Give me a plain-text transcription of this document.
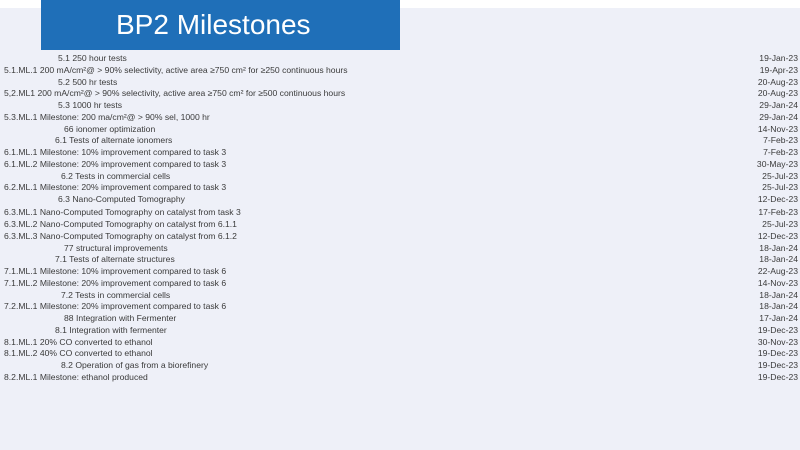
BP2 Milestones
5.1 250 hour tests	19-Jan-23
5.1.ML.1 200 mA/cm²@ > 90% selectivity, active area ≥750 cm² for ≥250 continuous hours	19-Apr-23
5.2 500 hr tests	20-Aug-23
5,2.ML1 200 mA/cm²@ > 90% selectivity, active area ≥750 cm² for ≥500 continuous hours	20-Aug-23
5.3 1000 hr tests	29-Jan-24
5.3.ML.1 Milestone: 200 ma/cm²@ > 90% sel, 1000 hr	29-Jan-24
66 ionomer optimization	14-Nov-23
6.1 Tests of alternate ionomers	7-Feb-23
6.1.ML.1 Milestone: 10% improvement compared to task 3	7-Feb-23
6.1.ML.2 Milestone: 20% improvement compared to task 3	30-May-23
6.2 Tests in commercial cells	25-Jul-23
6.2.ML.1 Milestone: 20% improvement compared to task 3	25-Jul-23
6.3 Nano-Computed Tomography	12-Dec-23
6.3.ML.1 Nano-Computed Tomography on catalyst from task 3	17-Feb-23
6.3.ML.2 Nano-Computed Tomography on catalyst from 6.1.1	25-Jul-23
6.3.ML.3 Nano-Computed Tomography on catalyst from 6.1.2	12-Dec-23
77 structural improvements	18-Jan-24
7.1 Tests of alternate structures	18-Jan-24
7.1.ML.1 Milestone: 10% improvement compared to task 6	22-Aug-23
7.1.ML.2 Milestone: 20% improvement compared to task 6	14-Nov-23
7.2 Tests in commercial cells	18-Jan-24
7.2.ML.1 Milestone: 20% improvement compared to task 6	18-Jan-24
88 Integration with Fermenter	17-Jan-24
8.1 Integration with fermenter	19-Dec-23
8.1.ML.1 20% CO converted to ethanol	30-Nov-23
8.1.ML.2 40% CO converted to ethanol	19-Dec-23
8.2 Operation of gas from a biorefinery	19-Dec-23
8.2.ML.1 Milestone: ethanol produced	19-Dec-23
